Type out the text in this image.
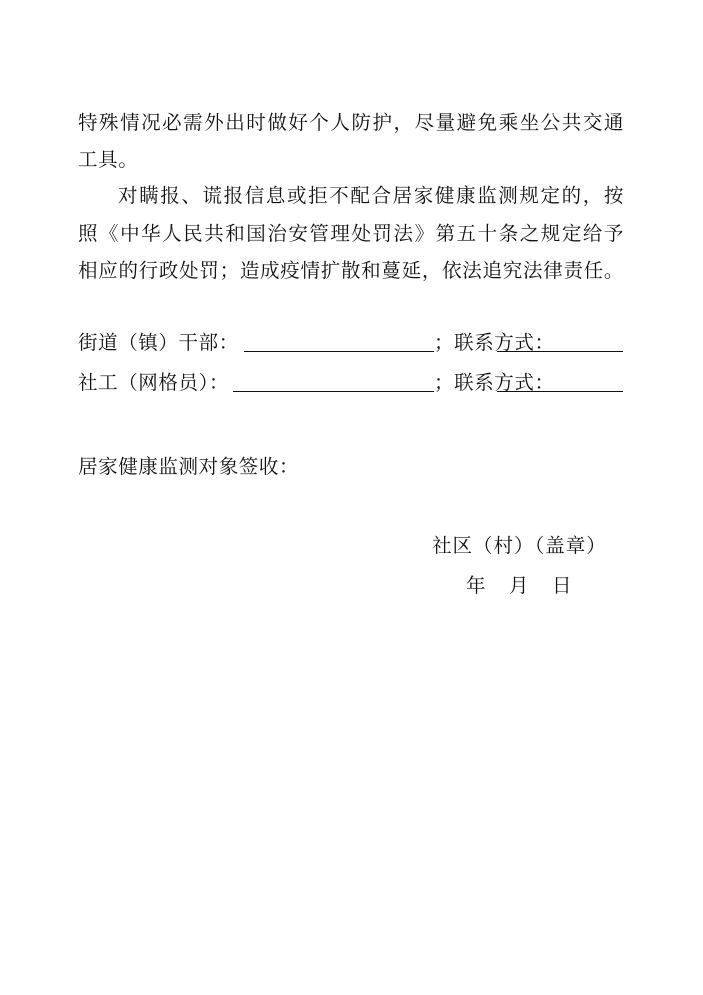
特殊情况必需外出时做好个人防护，尽量避免乘坐公共交通
工具。
对瞒报、谎报信息或拒不配合居家健康监测规定的，按
照《中华人民共和国治安管理处罚法》第五十条之规定给予
相应的行政处罚；造成疫情扩散和蔓延，依法追究法律责任。
街道（镇）干部：	；联系方式：
社工（网格员）：	；联系方式：
居家健康监测对象签收：
社区（村）（盖章）
年　月　日
